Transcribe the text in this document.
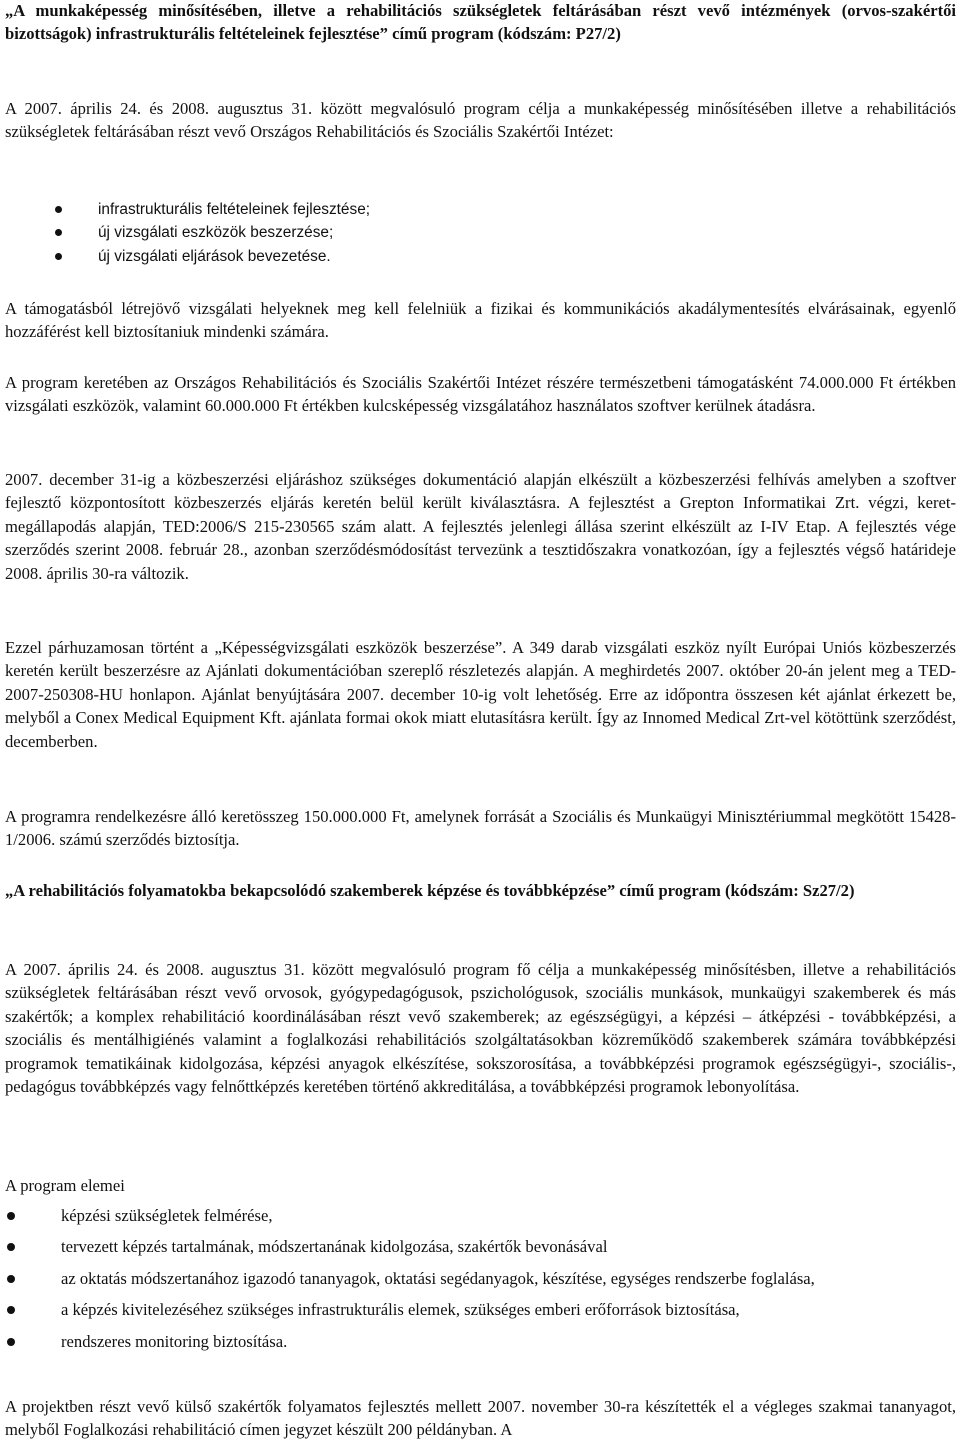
„A munkaképesség minősítésében, illetve a rehabilitációs szükségletek feltárásában részt vevő intézmények (orvos-szakértői bizottságok) infrastrukturális feltételeinek fejlesztése” című program (kódszám: P27/2)

A 2007. április 24. és 2008. augusztus 31. között megvalósuló program célja a munkaképesség minősítésében illetve a rehabilitációs szükségletek feltárásában részt vevő Országos Rehabilitációs és Szociális Szakértői Intézet:

infrastrukturális feltételeinek fejlesztése;
új vizsgálati eszközök beszerzése;
új vizsgálati eljárások bevezetése.

A támogatásból létrejövő vizsgálati helyeknek meg kell felelniük a fizikai és kommunikációs akadálymentesítés elvárásainak, egyenlő hozzáférést kell biztosítaniuk mindenki számára.

A program keretében az Országos Rehabilitációs és Szociális Szakértői Intézet részére természetbeni támogatásként 74.000.000 Ft értékben vizsgálati eszközök, valamint 60.000.000 Ft értékben kulcsképesség vizsgálatához használatos szoftver kerülnek átadásra.

2007. december 31-ig a közbeszerzési eljáráshoz szükséges dokumentáció alapján elkészült a közbeszerzési felhívás amelyben a szoftver fejlesztő központosított közbeszerzés eljárás keretén belül került kiválasztásra. A fejlesztést a Grepton Informatikai Zrt. végzi, keret-megállapodás alapján, TED:2006/S 215-230565 szám alatt. A fejlesztés jelenlegi állása szerint elkészült az I-IV Etap. A fejlesztés vége szerződés szerint 2008. február 28., azonban szerződésmódosítást tervezünk a tesztidőszakra vonatkozóan, így a fejlesztés végső határideje 2008. április 30-ra változik.

Ezzel párhuzamosan történt a „Képességvizsgálati eszközök beszerzése”. A 349 darab vizsgálati eszköz nyílt Európai Uniós közbeszerzés keretén került beszerzésre az Ajánlati dokumentációban szereplő részletezés alapján. A meghirdetés 2007. október 20-án jelent meg a TED-2007-250308-HU honlapon. Ajánlat benyújtására 2007. december 10-ig volt lehetőség. Erre az időpontra összesen két ajánlat érkezett be, melyből a Conex Medical Equipment Kft. ajánlata formai okok miatt elutasításra került. Így az Innomed Medical Zrt-vel kötöttünk szerződést, decemberben.

A programra rendelkezésre álló keretösszeg 150.000.000 Ft, amelynek forrását a Szociális és Munkaügyi Minisztériummal megkötött 15428-1/2006. számú szerződés biztosítja.

„A rehabilitációs folyamatokba bekapcsolódó szakemberek képzése és továbbképzése” című program (kódszám: Sz27/2)

A 2007. április 24. és 2008. augusztus 31. között megvalósuló program fő célja a munkaképesség minősítésben, illetve a rehabilitációs szükségletek feltárásában részt vevő orvosok, gyógypedagógusok, pszichológusok, szociális munkások, munkaügyi szakemberek és más szakértők; a komplex rehabilitáció koordinálásában részt vevő szakemberek; az egészségügyi, a képzési – átképzési - továbbképzési, a szociális és mentálhigiénés valamint a foglalkozási rehabilitációs szolgáltatásokban közreműködő szakemberek számára továbbképzési programok tematikáinak kidolgozása, képzési anyagok elkészítése, sokszorosítása, a továbbképzési programok egészségügyi-, szociális-, pedagógus továbbképzés vagy felnőttképzés keretében történő akkreditálása, a továbbképzési programok lebonyolítása.

A program elemei

képzési szükségletek felmérése,
tervezett képzés tartalmának, módszertanának kidolgozása, szakértők bevonásával
az oktatás módszertanához igazodó tananyagok, oktatási segédanyagok, készítése, egységes rendszerbe foglalása,
a képzés kivitelezéséhez szükséges infrastrukturális elemek, szükséges emberi erőforrások biztosítása,
rendszeres monitoring biztosítása.

A projektben részt vevő külső szakértők folyamatos fejlesztés mellett 2007. november 30-ra készítették el a végleges szakmai tananyagot, melyből Foglalkozási rehabilitáció címen jegyzet készült 200 példányban. A
